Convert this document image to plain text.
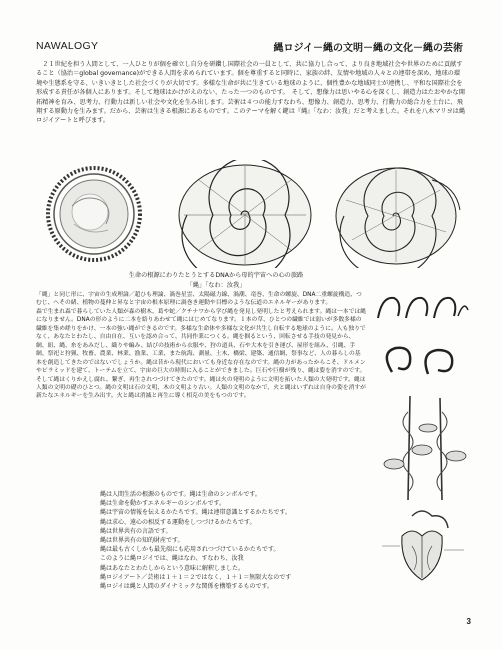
NAWALOGY	縄ロジイ－縄の文明－縄の文化－縄の芸術

２１世紀を担う人間として、一人ひとりが個を確立し自分を研鑽し国際社会の一員として、共に協力し合って、より良き地域社会や世界のために貢献すること（協治＝global governance)ができる人間を求められています。個を尊重すると同時に、家族の絆、友情や地域の人々との連帯を深め、地球の環境や生態系を守る、いきいきとした社会づくりが大切です。多様な生命が共に生きている地球のように、個性豊かな地域同士が連携し、平和な国際社会を形成する責任が各個人にあります。そして地球はかけがえのない、たった一つのものです。　そして、想像力は思いやる心を深くし、創造力はたおやかな開拓精神を育み、思考力、行動力は新しい社会や文化を生み出します。芸術は４つの能力すなわち、想像力、創造力、思考力、行動力の総合力を土台に、飛翔する原動力を生みます。だから、芸術は生きる根源にあるものです。このテーマを解く鍵は『縄』「なわ：汝我」だと考えました。それを八木マリヨは縄ロジイアートと呼びます。

生命の根源にわりたとうとするDNAから母的宇宙への心の旅路
「縄」「なわ：汝我」

「縄」と同じ形に、宇宙の生成理論／超ひも理論、渦巻星雲、太陽磁力線、渦潮、竜巻、生命の螺旋、DNA二重螺旋構造、つむじ、へその緒、植物の蔓伸と昇なと宇宙の根本原理に渦巻き運動や目標のような伝道のエネルギーがあります。

森で生まれ森で暮らしていた人類が森の樹木、葛や蛇／クチナワから学び縄を発見し発明したと考えられます。縄は一本では縄になりません。DNAの形のように二本を絡りあわせて縄にはじめてなります。１本の草、ひとつの繊維では弱いが多数多様の繊維を集め縒りをかけ、一本の強い縄ができるのです。多様な生命体や多様な文化が共生し自転する地球のように。人も独りでなく、あなたとわたし、自由自在、互いを認め合って、共同作業につくる。縄を掴るという、回転させる手技の発見から、網、紐、縄、糸をあみだし、織りや編み、結びの技術から衣服や、狩の道具、石や大木を引き運び、屋形を組み、引縄、手網、祭祀と狩猟、牧畜、農業、林業、漁業、工業、また航海、測量、土木、橋梁、建築、通信網、祭事など、人の暮らしの基本を創造してきたのではないでしょうか。縄は昔から現代においても身近な存在なのです。縄の力があったからこそ、ドルメンやピラミッドを建て、トーテムを立て、宇宙の巨大の時間に入ることができました。巨石や巨樹が残り、縄は姿を消すのです。そして縄はくりかえし腐れ、繋ぎ、再生されつづけてきたのです。縄は火の発明のように文明を拓いた人類の大発明です。縄は人類の文明の礎のひとつ。縄の文明は石の文明、木の文明より古い。人類の文明のなかで、火と縄はいずれは自身の姿を消すが新たなエネルギーを生み出す。火と縄は消滅と再生に導く相克の美をもつのです。

縄は人間生活の根源のものです。縄は生命のシンボルです。

縄は生命を動かすエネルギーのシンボルです。

縄は宇宙の情報を伝えるかたちです。縄は連帯意識とするかたちです。

縄は求心、遠心の相反する運動をしつづけるかたちです。

縄は世界共有の言語です。

縄は世界共有の知的財産です。

縄は最も古くしかも最先端にも応用されつづけているかたちです。

このように縄ロジイでは、縄はなわ、すなわち、汝我

縄はあなたとわたしからという意味に解釈しました。

縄ロジイアート／芸術は１＋１＝２ではなく、１＋１＝無限大なのです

縄ロジイは縄と人間のダイナミックな関係を構築するものです。

3
